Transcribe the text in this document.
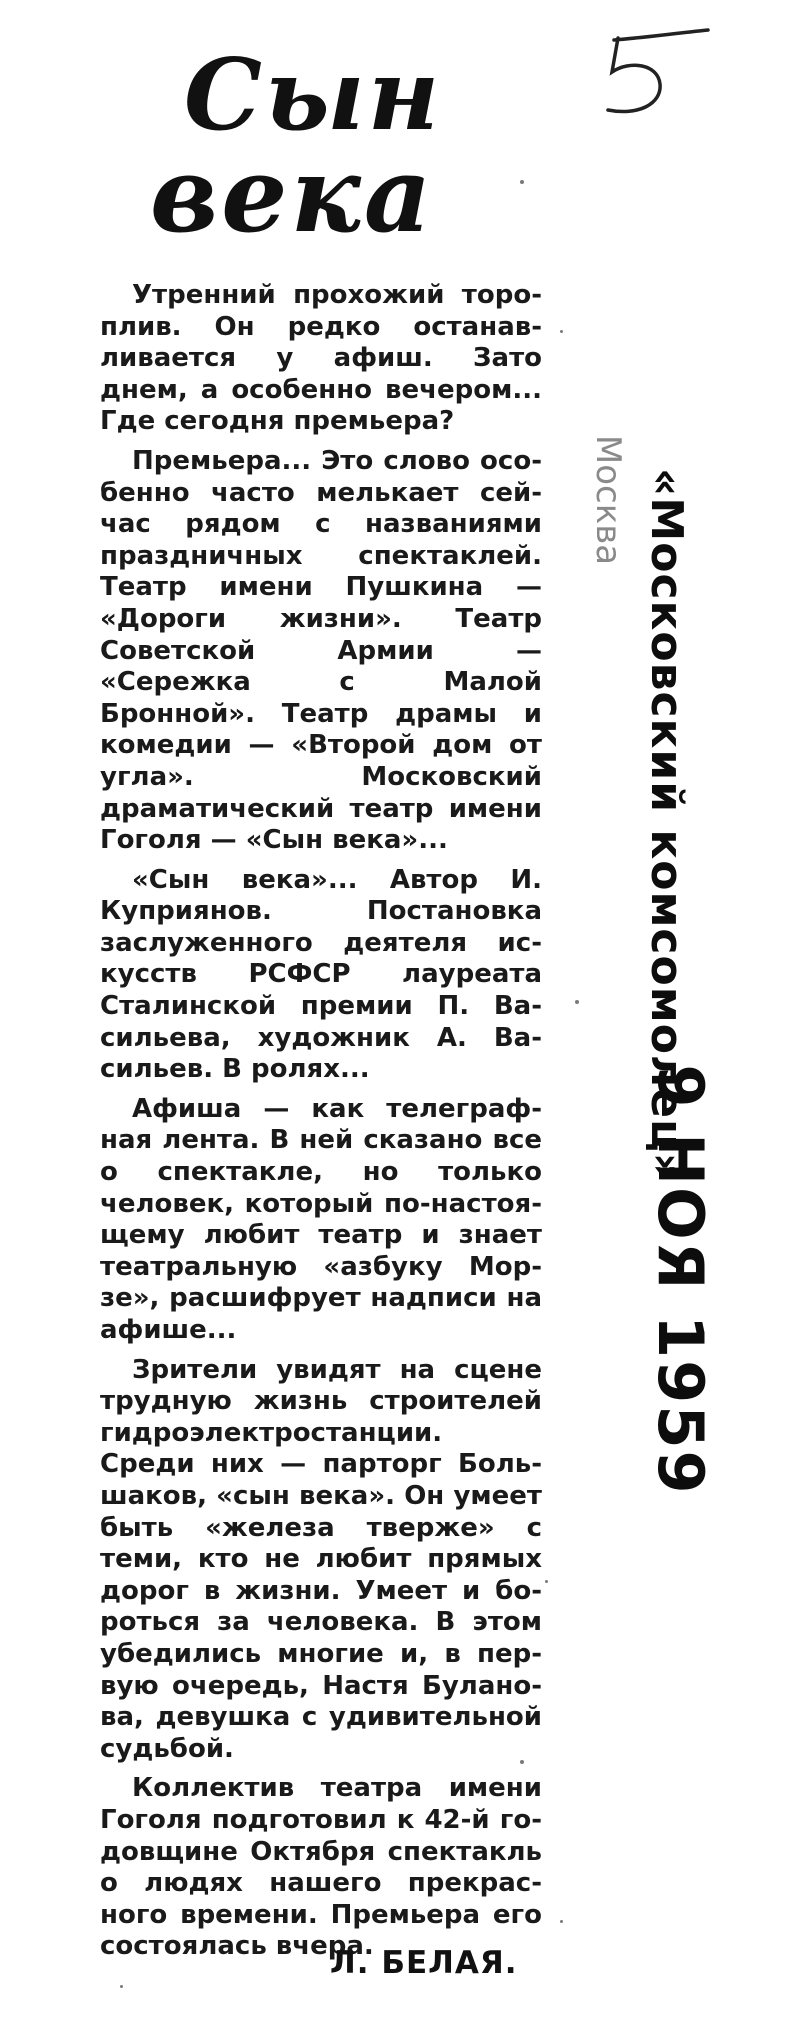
Сын
века

Утренний прохожий тороплив. Он редко останавливается у афиш. Зато днем, а особенно вечером... Где сегодня премьера?

Премьера... Это слово особенно часто мелькает сейчас рядом с названиями праздничных спектаклей. Театр имени Пушкина — «Дороги жизни». Театр Советской Армии — «Сережка с Малой Бронной». Театр драмы и комедии — «Второй дом от угла». Московский драматический театр имени Гоголя — «Сын века»...

«Сын века»... Автор И. Куприянов. Постановка заслуженного деятеля искусств РСФСР лауреата Сталинской премии П. Васильева, художник А. Васильев. В ролях...

Афиша — как телеграфная лента. В ней сказано все о спектакле, но только человек, который по-настоящему любит театр и знает театральную «азбуку Морзе», расшифрует надписи на афише...

Зрители увидят на сцене трудную жизнь строителей гидроэлектростанции. Среди них — парторг Большаков, «сын века». Он умеет быть «железа тверже» с теми, кто не любит прямых дорог в жизни. Умеет и бороться за человека. В этом убедились многие и, в первую очередь, Настя Буланова, девушка с удивительной судьбой.

Коллектив театра имени Гоголя подготовил к 42-й годовщине Октября спектакль о людях нашего прекрасного времени. Премьера его состоялась вчера.

Л. БЕЛАЯ.
Москва «Московский комсомолец»
9 НОЯ 1959
